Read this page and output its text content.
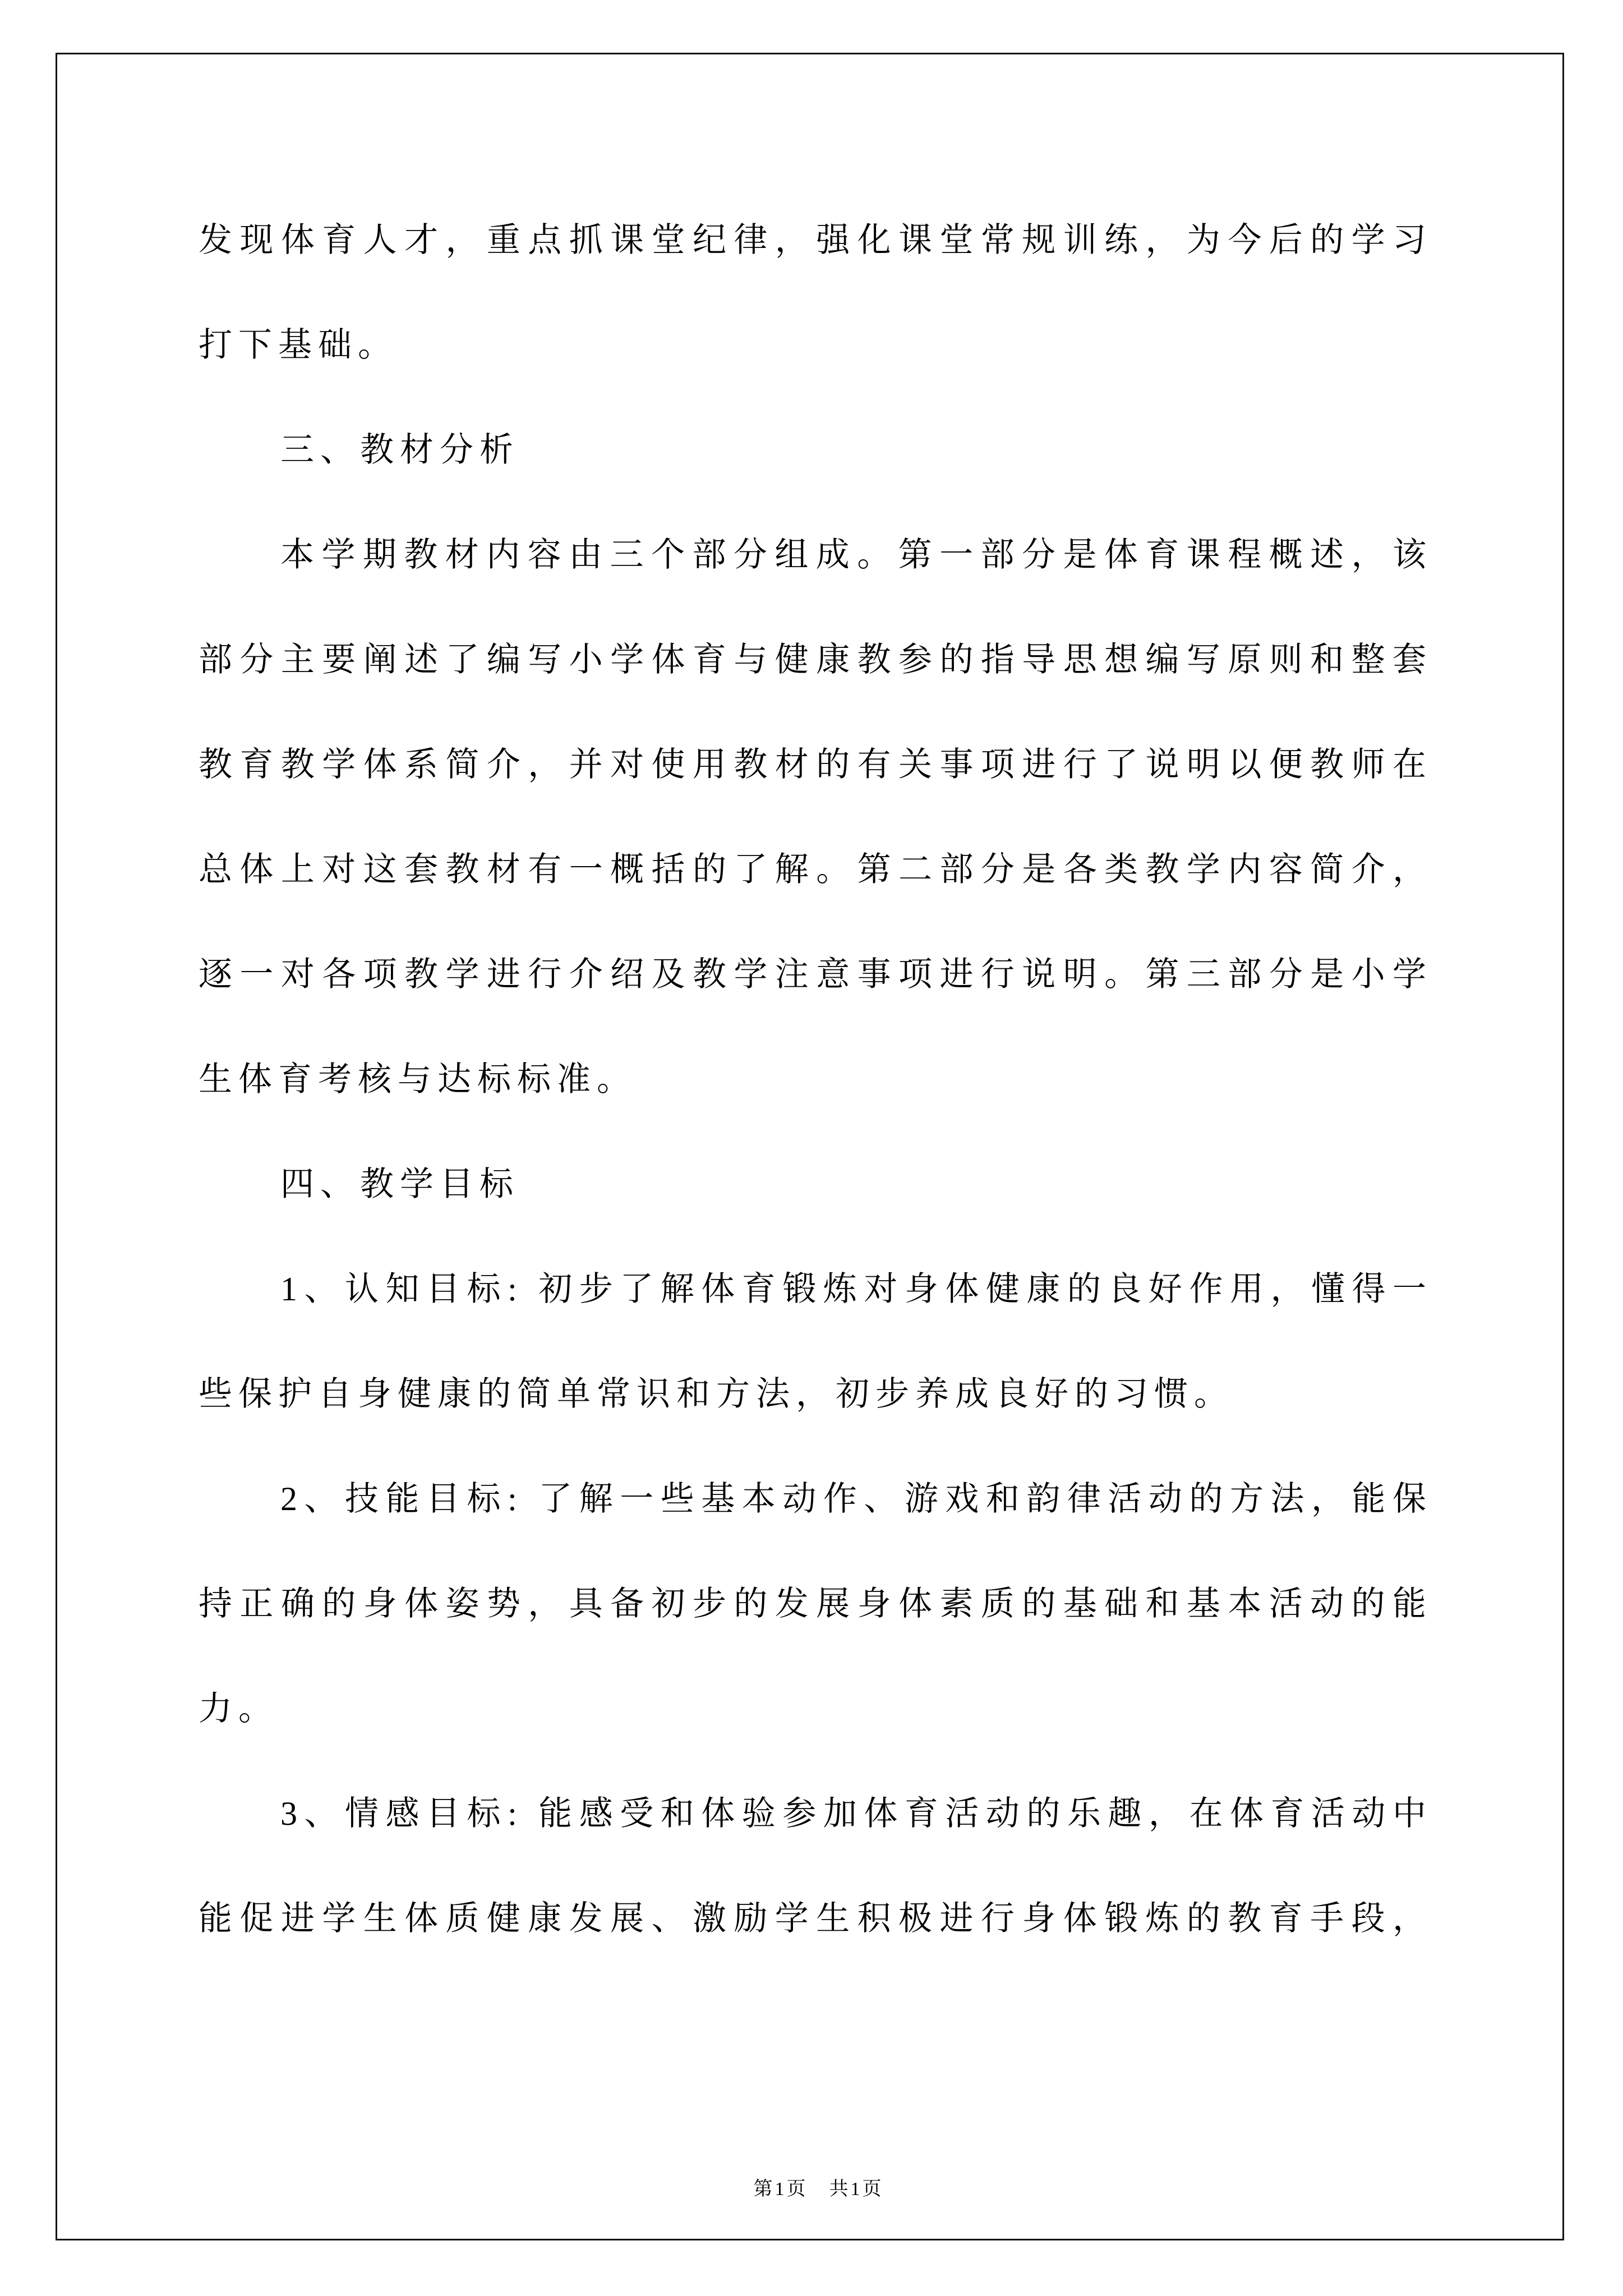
发现体育人才，重点抓课堂纪律，强化课堂常规训练，为今后的学习
打下基础。
三、教材分析
本学期教材内容由三个部分组成。第一部分是体育课程概述，该
部分主要阐述了编写小学体育与健康教参的指导思想编写原则和整套
教育教学体系简介，并对使用教材的有关事项进行了说明以便教师在
总体上对这套教材有一概括的了解。第二部分是各类教学内容简介，
逐一对各项教学进行介绍及教学注意事项进行说明。第三部分是小学
生体育考核与达标标准。
四、教学目标
1、认知目标: 初步了解体育锻炼对身体健康的良好作用，懂得一
些保护自身健康的简单常识和方法，初步养成良好的习惯。
2、技能目标: 了解一些基本动作、游戏和韵律活动的方法，能保
持正确的身体姿势，具备初步的发展身体素质的基础和基本活动的能
力。
3、情感目标: 能感受和体验参加体育活动的乐趣，在体育活动中
能促进学生体质健康发展、激励学生积极进行身体锻炼的教育手段，

第1页　共1页
